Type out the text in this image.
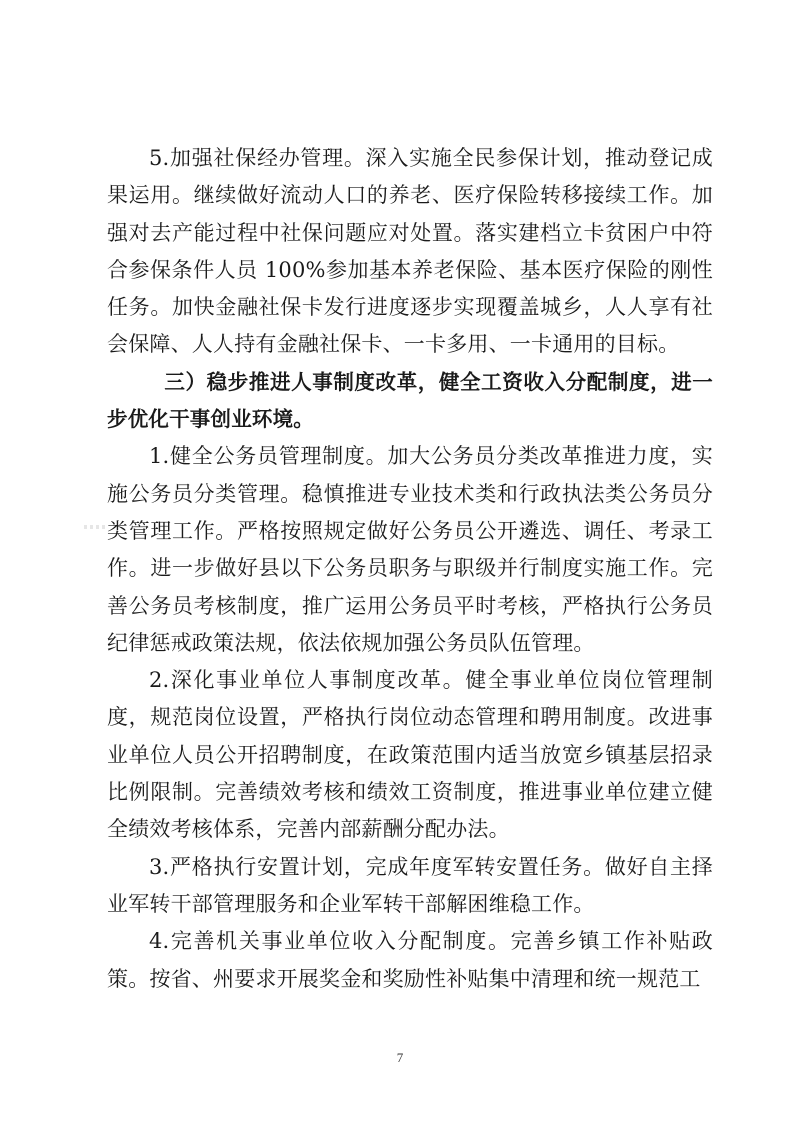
5.加强社保经办管理。深入实施全民参保计划，推动登记成果运用。继续做好流动人口的养老、医疗保险转移接续工作。加强对去产能过程中社保问题应对处置。落实建档立卡贫困户中符合参保条件人员 100%参加基本养老保险、基本医疗保险的刚性任务。加快金融社保卡发行进度逐步实现覆盖城乡，人人享有社会保障、人人持有金融社保卡、一卡多用、一卡通用的目标。

三）稳步推进人事制度改革，健全工资收入分配制度，进一步优化干事创业环境。

1.健全公务员管理制度。加大公务员分类改革推进力度，实施公务员分类管理。稳慎推进专业技术类和行政执法类公务员分类管理工作。严格按照规定做好公务员公开遴选、调任、考录工作。进一步做好县以下公务员职务与职级并行制度实施工作。完善公务员考核制度，推广运用公务员平时考核，严格执行公务员纪律惩戒政策法规，依法依规加强公务员队伍管理。

2.深化事业单位人事制度改革。健全事业单位岗位管理制度，规范岗位设置，严格执行岗位动态管理和聘用制度。改进事业单位人员公开招聘制度，在政策范围内适当放宽乡镇基层招录比例限制。完善绩效考核和绩效工资制度，推进事业单位建立健全绩效考核体系，完善内部薪酬分配办法。

3.严格执行安置计划，完成年度军转安置任务。做好自主择业军转干部管理服务和企业军转干部解困维稳工作。

4.完善机关事业单位收入分配制度。完善乡镇工作补贴政策。按省、州要求开展奖金和奖励性补贴集中清理和统一规范工

7
